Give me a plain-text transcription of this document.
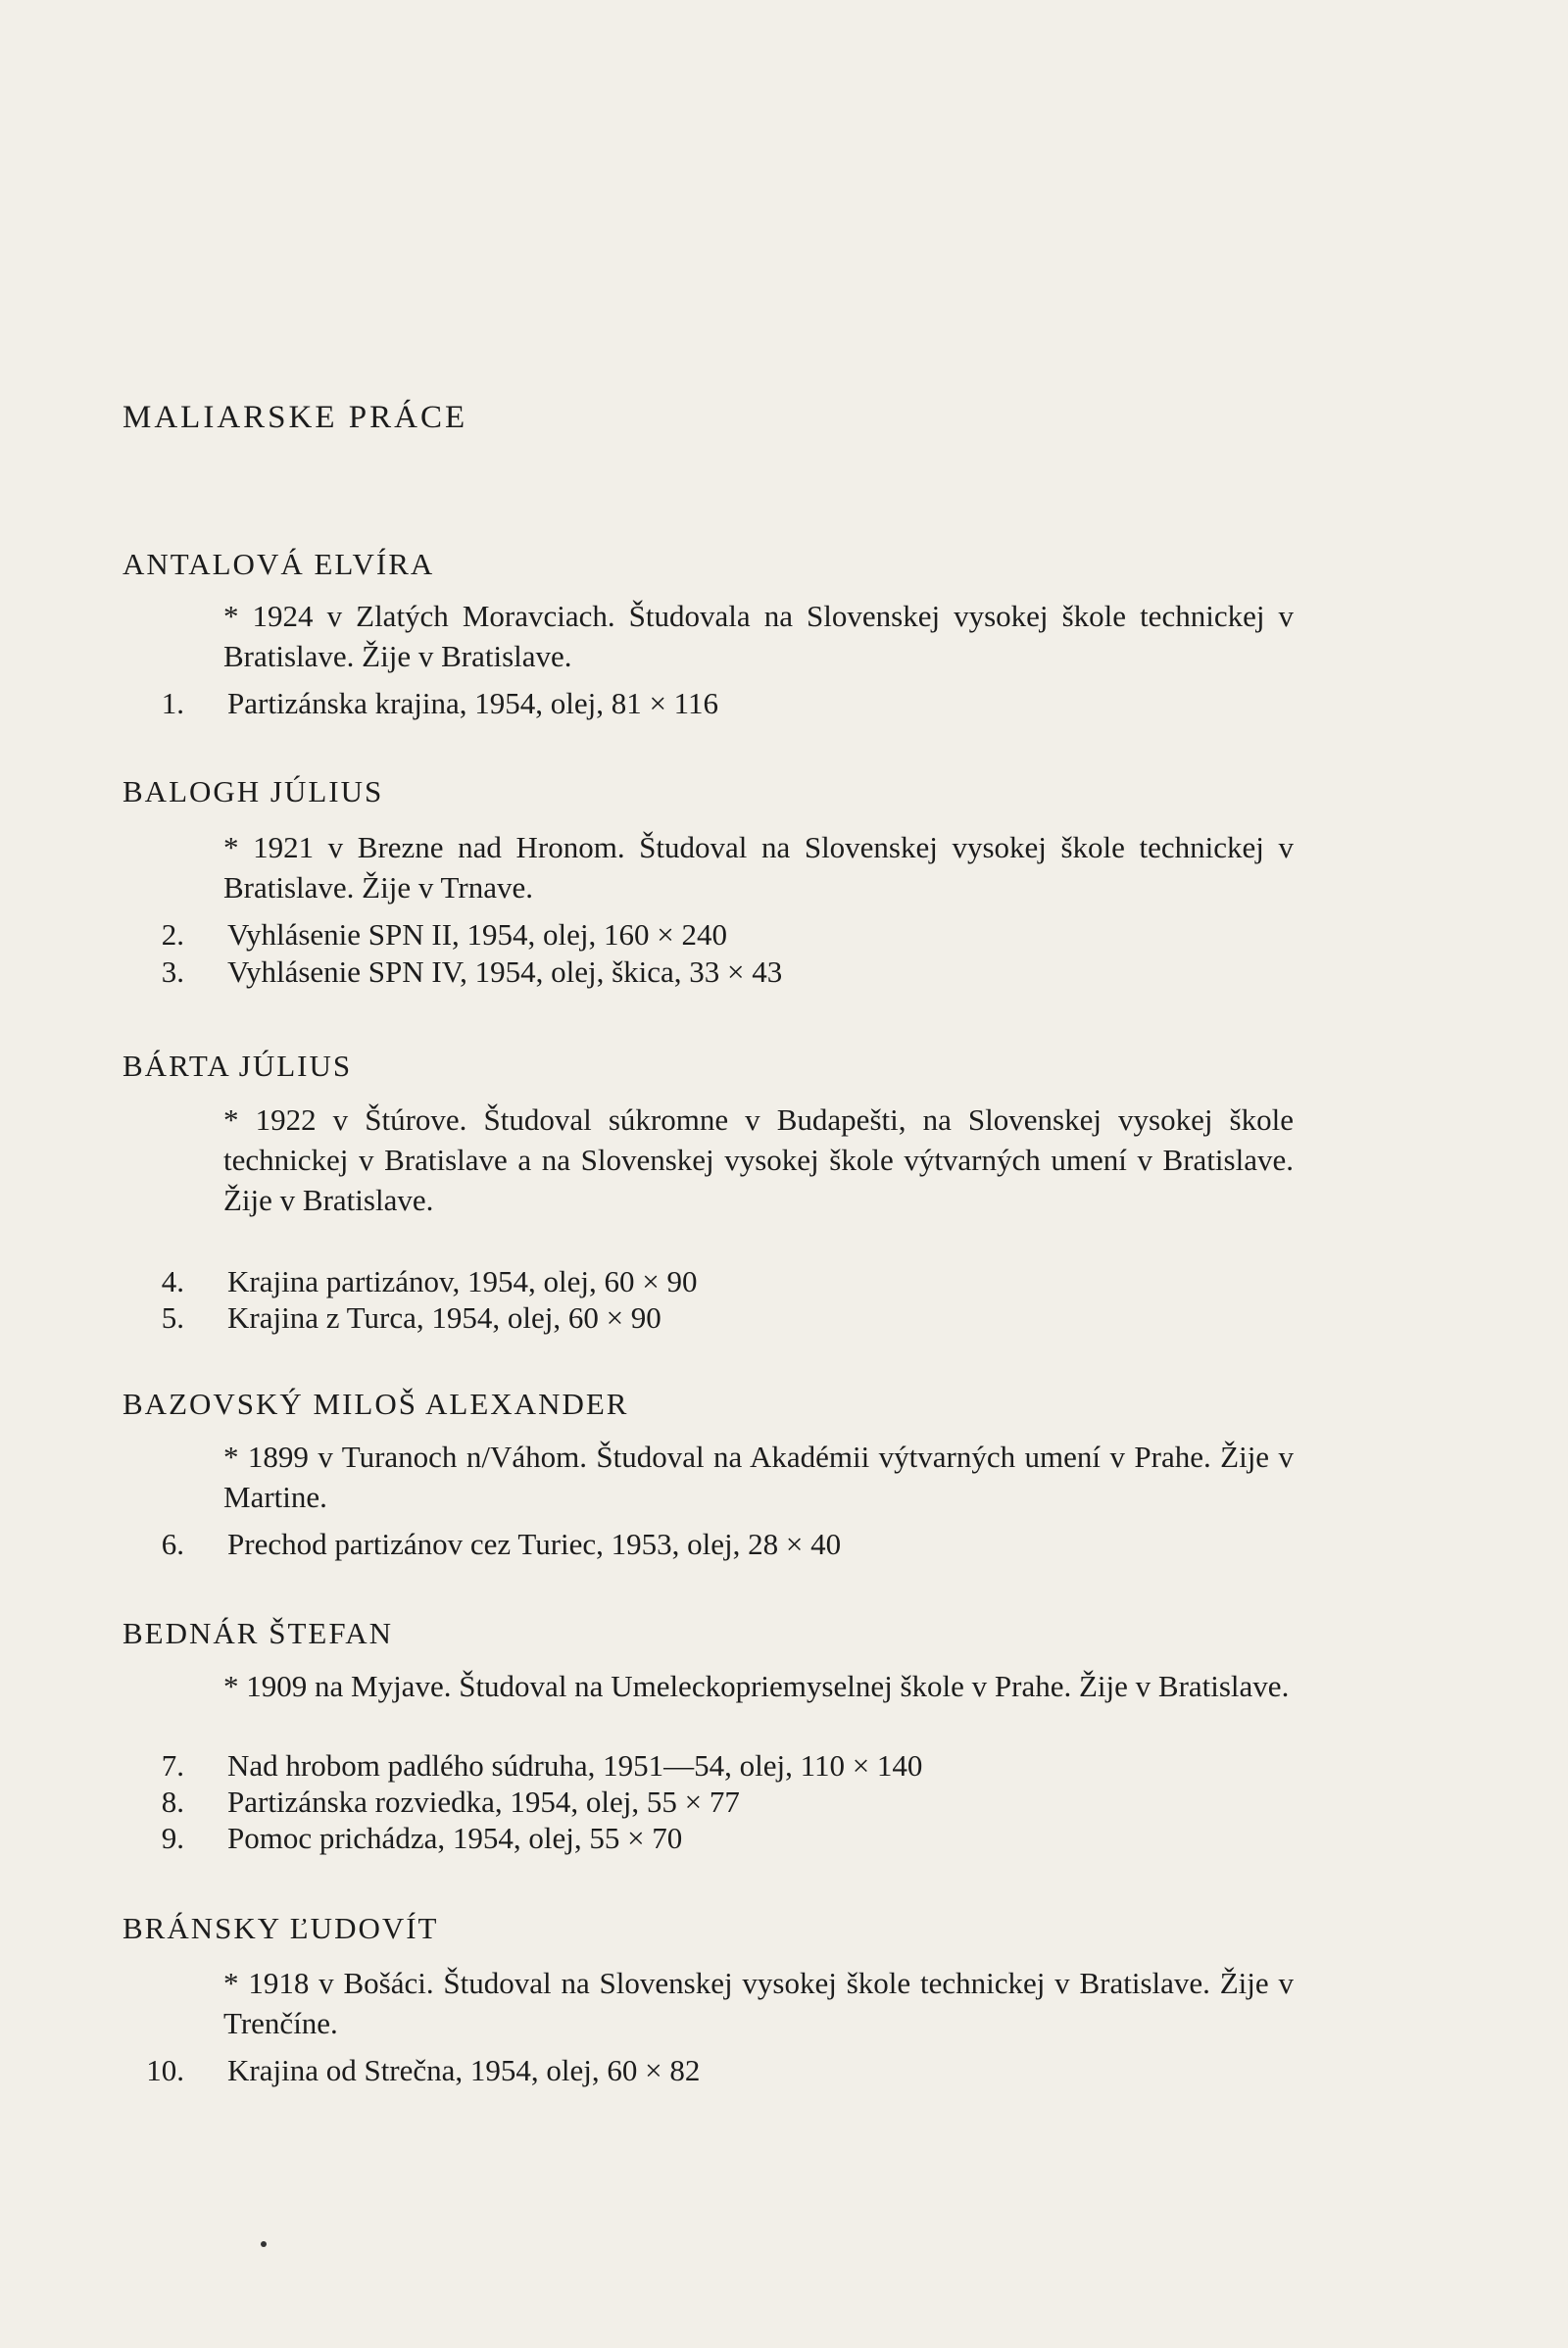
MALIARSKE PRÁCE
ANTALOVÁ ELVÍRA
* 1924 v Zlatých Moravciach. Študovala na Slovenskej vysokej škole technickej v Bratislave. Žije v Bratislave.
1. Partizánska krajina, 1954, olej, 81 × 116
BALOGH JÚLIUS
* 1921 v Brezne nad Hronom. Študoval na Slovenskej vysokej škole technickej v Bratislave. Žije v Trnave.
2. Vyhlásenie SPN II, 1954, olej, 160 × 240
3. Vyhlásenie SPN IV, 1954, olej, škica, 33 × 43
BÁRTA JÚLIUS
* 1922 v Štúrove. Študoval súkromne v Budapešti, na Slovenskej vysokej škole technickej v Bratislave a na Slovenskej vysokej škole výtvarných umení v Bratislave. Žije v Bratislave.
4. Krajina partizánov, 1954, olej, 60 × 90
5. Krajina z Turca, 1954, olej, 60 × 90
BAZOVSKÝ MILOŠ ALEXANDER
* 1899 v Turanoch n/Váhom. Študoval na Akadémii výtvarných umení v Prahe. Žije v Martine.
6. Prechod partizánov cez Turiec, 1953, olej, 28 × 40
BEDNÁR ŠTEFAN
* 1909 na Myjave. Študoval na Umeleckopriemyselnej škole v Prahe. Žije v Bratislave.
7. Nad hrobom padlého súdruha, 1951—54, olej, 110 × 140
8. Partizánska rozviedka, 1954, olej, 55 × 77
9. Pomoc prichádza, 1954, olej, 55 × 70
BRÁNSKY ĽUDOVÍT
* 1918 v Bošáci. Študoval na Slovenskej vysokej škole technickej v Bratislave. Žije v Trenčíne.
10. Krajina od Strečna, 1954, olej, 60 × 82
